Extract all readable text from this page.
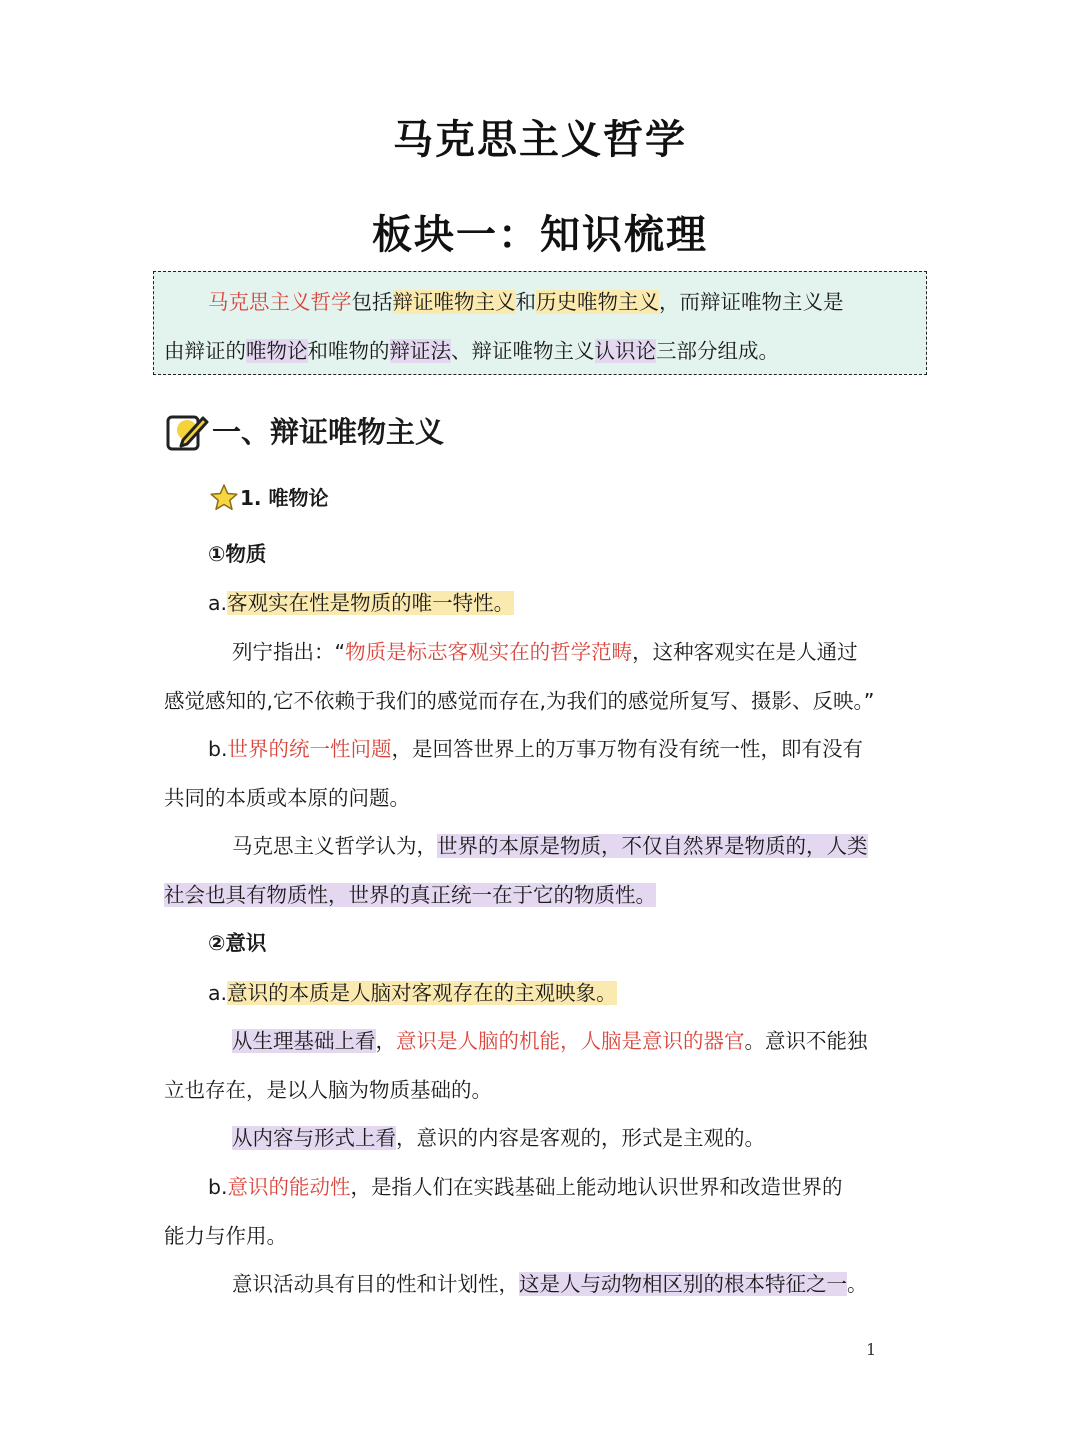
马克思主义哲学
板块一：知识梳理
马克思主义哲学包括辩证唯物主义和历史唯物主义，而辩证唯物主义是
由辩证的唯物论和唯物的辩证法、辩证唯物主义认识论三部分组成。
一、辩证唯物主义
1. 唯物论
①物质
a.客观实在性是物质的唯一特性。
列宁指出：“物质是标志客观实在的哲学范畴，这种客观实在是人通过
感觉感知的,它不依赖于我们的感觉而存在,为我们的感觉所复写、摄影、反映。”
b.世界的统一性问题，是回答世界上的万事万物有没有统一性，即有没有
共同的本质或本原的问题。
马克思主义哲学认为，世界的本原是物质，不仅自然界是物质的，人类
社会也具有物质性，世界的真正统一在于它的物质性。
②意识
a.意识的本质是人脑对客观存在的主观映象。
从生理基础上看，意识是人脑的机能，人脑是意识的器官。意识不能独
立也存在，是以人脑为物质基础的。
从内容与形式上看，意识的内容是客观的，形式是主观的。
b.意识的能动性，是指人们在实践基础上能动地认识世界和改造世界的
能力与作用。
意识活动具有目的性和计划性，这是人与动物相区别的根本特征之一。
1
